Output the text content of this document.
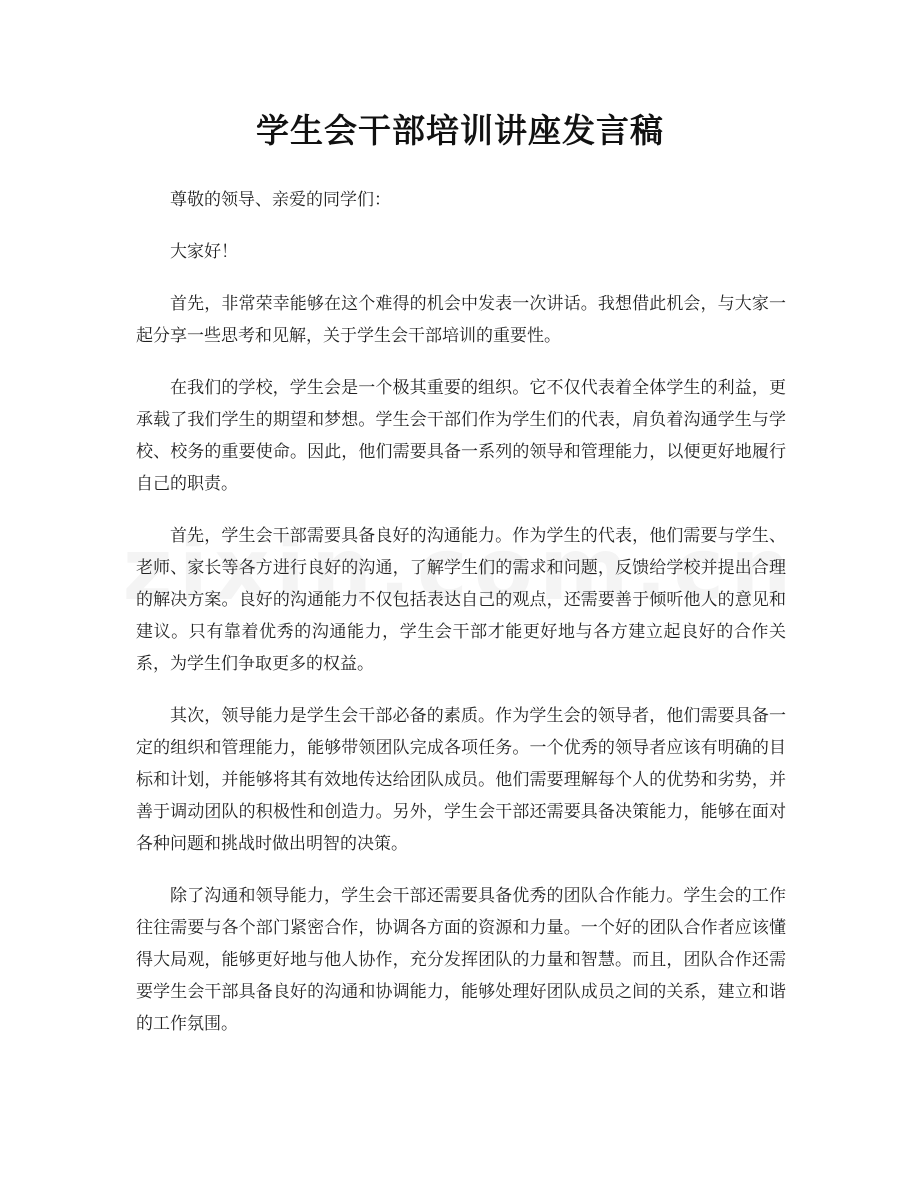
学生会干部培训讲座发言稿

尊敬的领导、亲爱的同学们：

大家好！

首先，非常荣幸能够在这个难得的机会中发表一次讲话。我想借此机会，与大家一起分享一些思考和见解，关于学生会干部培训的重要性。

在我们的学校，学生会是一个极其重要的组织。它不仅代表着全体学生的利益，更承载了我们学生的期望和梦想。学生会干部们作为学生们的代表，肩负着沟通学生与学校、校务的重要使命。因此，他们需要具备一系列的领导和管理能力，以便更好地履行自己的职责。

首先，学生会干部需要具备良好的沟通能力。作为学生的代表，他们需要与学生、老师、家长等各方进行良好的沟通，了解学生们的需求和问题，反馈给学校并提出合理的解决方案。良好的沟通能力不仅包括表达自己的观点，还需要善于倾听他人的意见和建议。只有靠着优秀的沟通能力，学生会干部才能更好地与各方建立起良好的合作关系，为学生们争取更多的权益。

其次，领导能力是学生会干部必备的素质。作为学生会的领导者，他们需要具备一定的组织和管理能力，能够带领团队完成各项任务。一个优秀的领导者应该有明确的目标和计划，并能够将其有效地传达给团队成员。他们需要理解每个人的优势和劣势，并善于调动团队的积极性和创造力。另外，学生会干部还需要具备决策能力，能够在面对各种问题和挑战时做出明智的决策。

除了沟通和领导能力，学生会干部还需要具备优秀的团队合作能力。学生会的工作往往需要与各个部门紧密合作，协调各方面的资源和力量。一个好的团队合作者应该懂得大局观，能够更好地与他人协作，充分发挥团队的力量和智慧。而且，团队合作还需要学生会干部具备良好的沟通和协调能力，能够处理好团队成员之间的关系，建立和谐的工作氛围。
